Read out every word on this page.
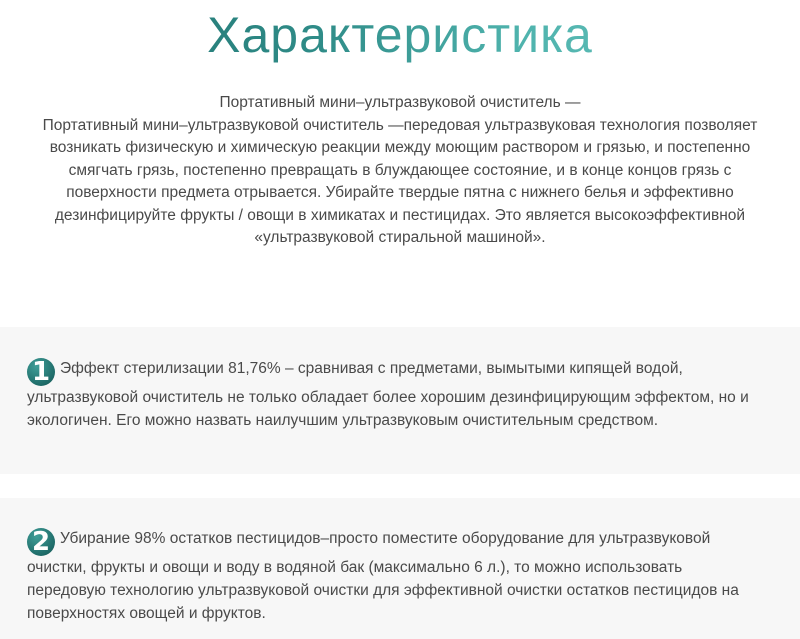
Характеристика

Портативный мини–ультразвуковой очиститель —

Портативный мини–ультразвуковой очиститель —передовая ультразвуковая технология позволяет возникать физическую и химическую реакции между моющим раствором и грязью, и постепенно смягчать грязь, постепенно превращать в блуждающее состояние, и в конце концов грязь с поверхности предмета отрывается. Убирайте твердые пятна с нижнего белья и эффективно дезинфицируйте фрукты / овощи в химикатах и пестицидах. Это является высокоэффективной «ультразвуковой стиральной машиной».

1 Эффект стерилизации 81,76% – сравнивая с предметами, вымытыми кипящей водой, ультразвуковой очиститель не только обладает более хорошим дезинфицирующим эффектом, но и экологичен. Его можно назвать наилучшим ультразвуковым очистительным средством.
2 Убирание 98% остатков пестицидов–просто поместите оборудование для ультразвуковой очистки, фрукты и овощи и воду в водяной бак (максимально 6 л.), то можно использовать передовую технологию ультразвуковой очистки для эффективной очистки остатков пестицидов на поверхностях овощей и фруктов.
